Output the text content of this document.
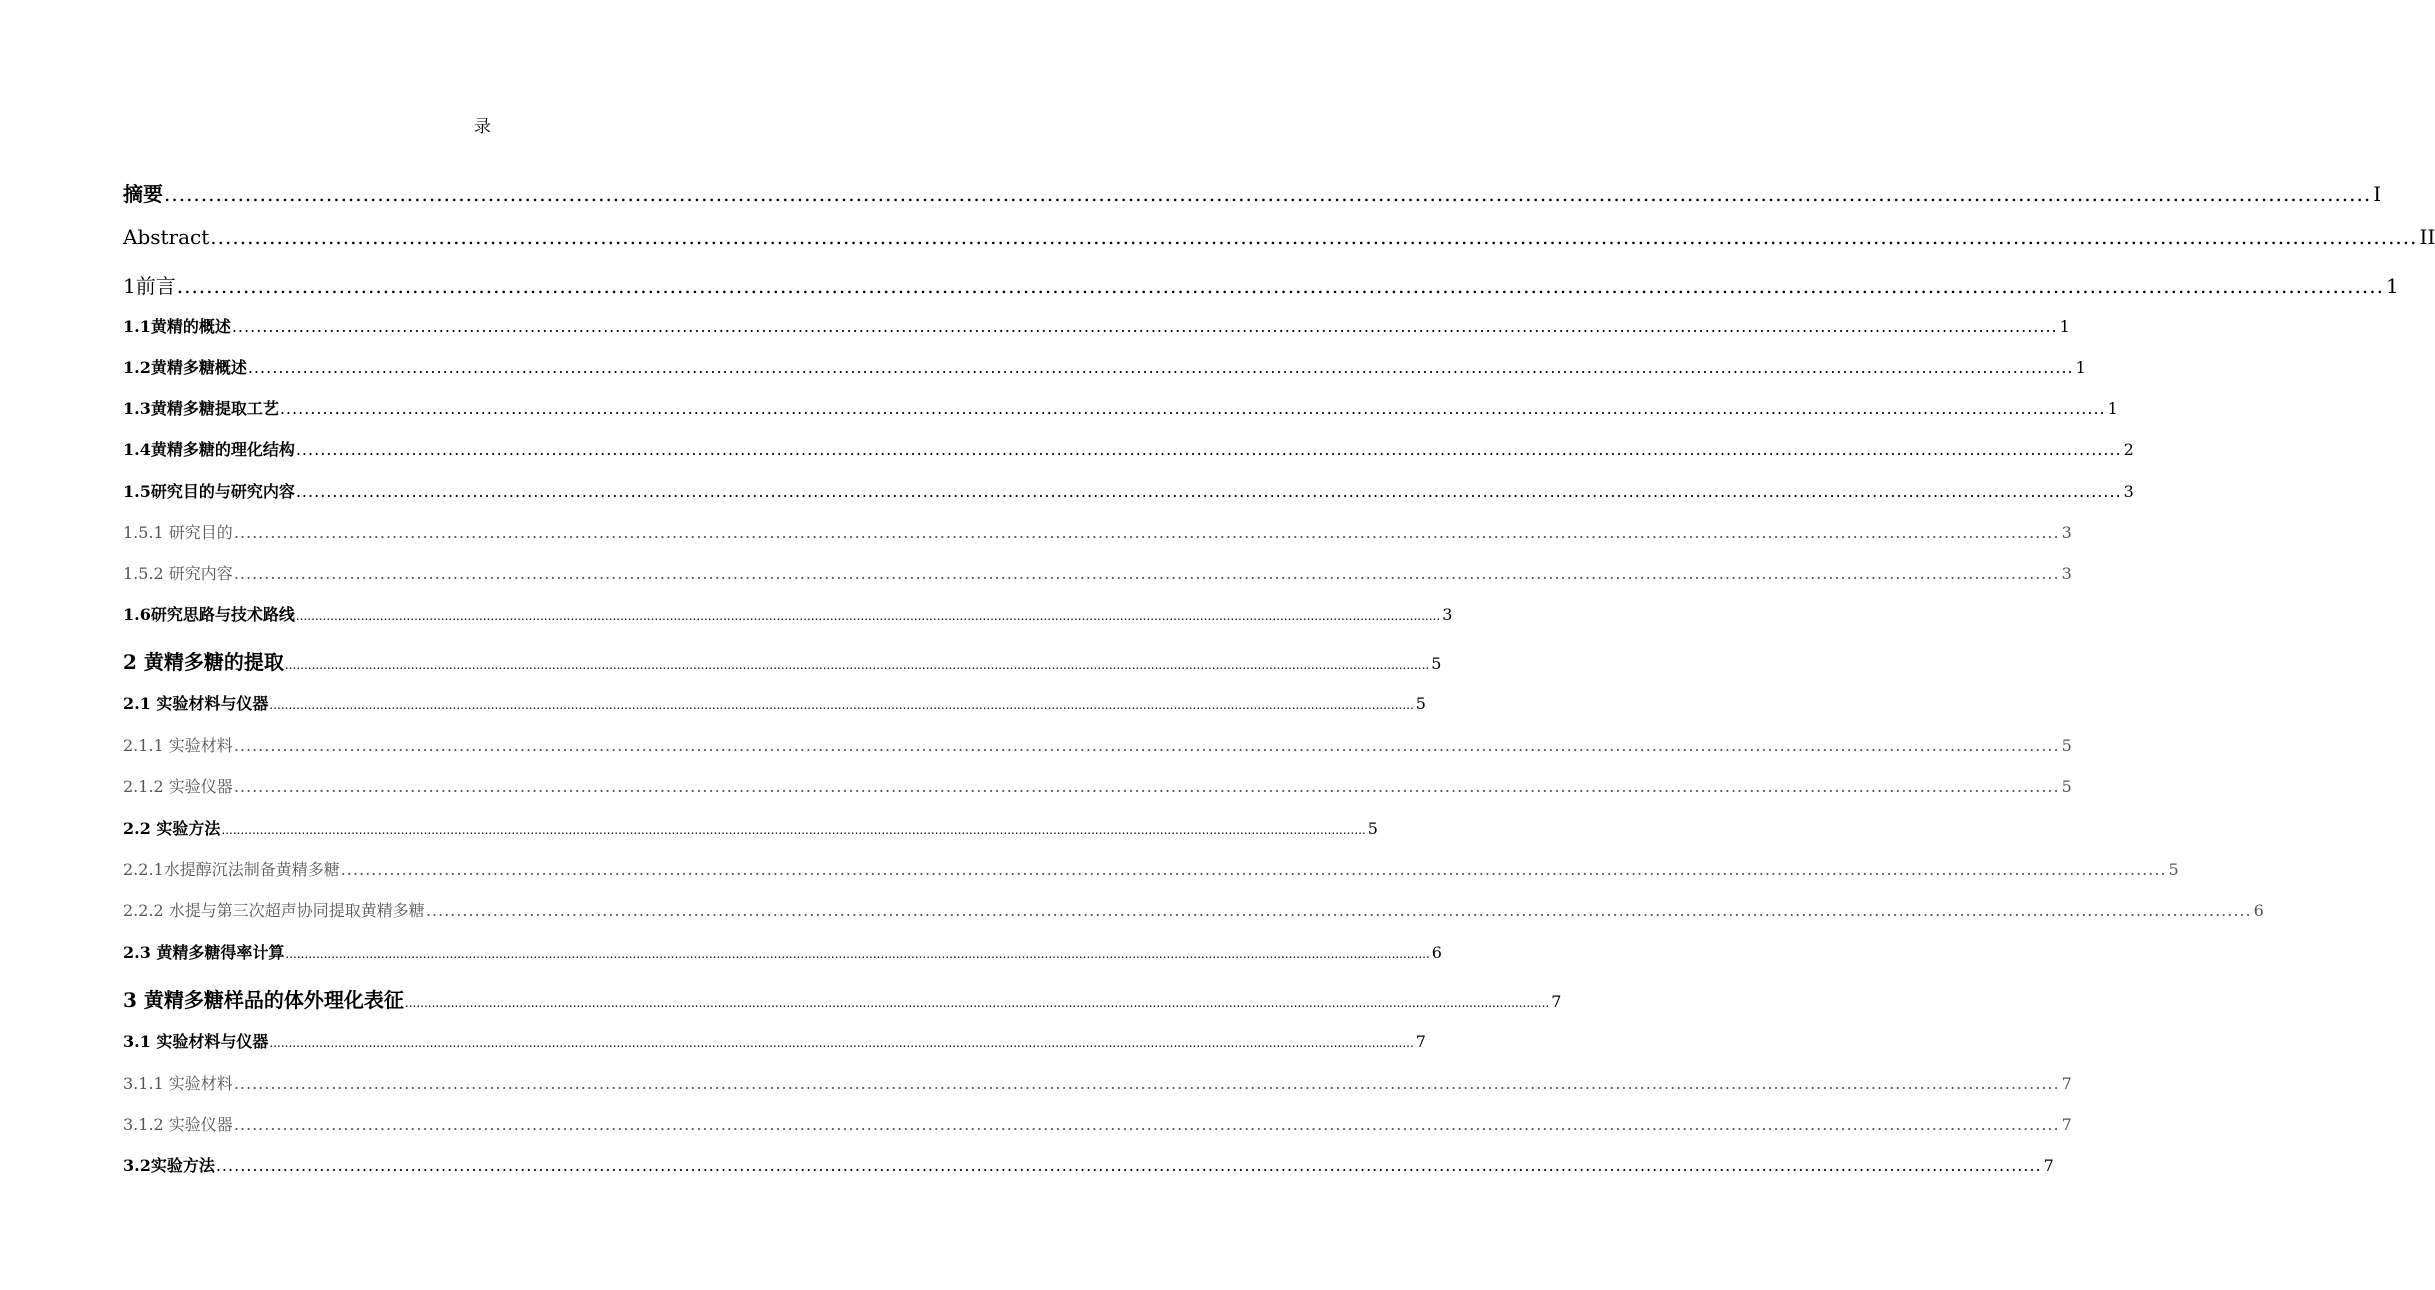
录
摘要 ............................................................................................................................................................................................................................................................................................................ I
Abstract ............................................................................................................................................................................................................................................................................................................ II
1前言 ............................................................................................................................................................................................................................................................................................................ 1
1.1黄精的概述 ............................................................................................................................................................................................................................................................................................................ 1
1.2黄精多糖概述 ............................................................................................................................................................................................................................................................................................................ 1
1.3黄精多糖提取工艺 ............................................................................................................................................................................................................................................................................................................ 1
1.4黄精多糖的理化结构 ............................................................................................................................................................................................................................................................................................................ 2
1.5研究目的与研究内容 ............................................................................................................................................................................................................................................................................................................ 3
1.5.1 研究目的 ............................................................................................................................................................................................................................................................................................................ 3
1.5.2 研究内容 ............................................................................................................................................................................................................................................................................................................ 3
1.6研究思路与技术路线 ............................................................................................................................................................................................................................................................................................................ 3
2 黄精多糖的提取 ............................................................................................................................................................................................................................................................................................................ 5
2.1 实验材料与仪器 ............................................................................................................................................................................................................................................................................................................ 5
2.1.1 实验材料 ............................................................................................................................................................................................................................................................................................................ 5
2.1.2 实验仪器 ............................................................................................................................................................................................................................................................................................................ 5
2.2 实验方法 ............................................................................................................................................................................................................................................................................................................ 5
2.2.1水提醇沉法制备黄精多糖 ............................................................................................................................................................................................................................................................................................................ 5
2.2.2 水提与第三次超声协同提取黄精多糖 ............................................................................................................................................................................................................................................................................................................ 6
2.3 黄精多糖得率计算 ............................................................................................................................................................................................................................................................................................................ 6
3 黄精多糖样品的体外理化表征 ............................................................................................................................................................................................................................................................................................................ 7
3.1 实验材料与仪器 ............................................................................................................................................................................................................................................................................................................ 7
3.1.1 实验材料 ............................................................................................................................................................................................................................................................................................................ 7
3.1.2 实验仪器 ............................................................................................................................................................................................................................................................................................................ 7
3.2实验方法 ............................................................................................................................................................................................................................................................................................................ 7
